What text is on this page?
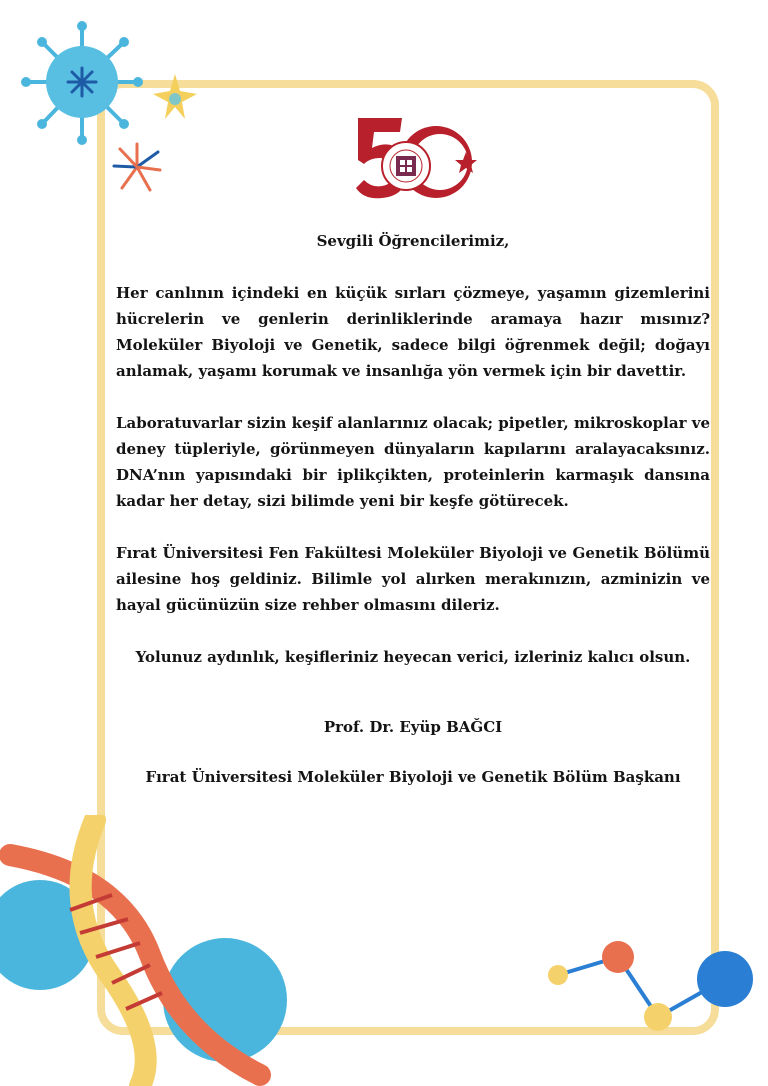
Sevgili Öğrencilerimiz,

Her canlının içindeki en küçük sırları çözmeye, yaşamın gizemlerini hücrelerin ve genlerin derinliklerinde aramaya hazır mısınız? Moleküler Biyoloji ve Genetik, sadece bilgi öğrenmek değil; doğayı anlamak, yaşamı korumak ve insanlığa yön vermek için bir davettir.

Laboratuvarlar sizin keşif alanlarınız olacak; pipetler, mikroskoplar ve deney tüpleriyle, görünmeyen dünyaların kapılarını aralayacaksınız. DNA’nın yapısındaki bir iplikçikten, proteinlerin karmaşık dansına kadar her detay, sizi bilimde yeni bir keşfe götürecek.

Fırat Üniversitesi Fen Fakültesi Moleküler Biyoloji ve Genetik Bölümü ailesine hoş geldiniz. Bilimle yol alırken merakınızın, azminizin ve hayal gücünüzün size rehber olmasını dileriz.

Yolunuz aydınlık, keşifleriniz heyecan verici, izleriniz kalıcı olsun.

Prof. Dr. Eyüp BAĞCI

Fırat Üniversitesi Moleküler Biyoloji ve Genetik Bölüm Başkanı
